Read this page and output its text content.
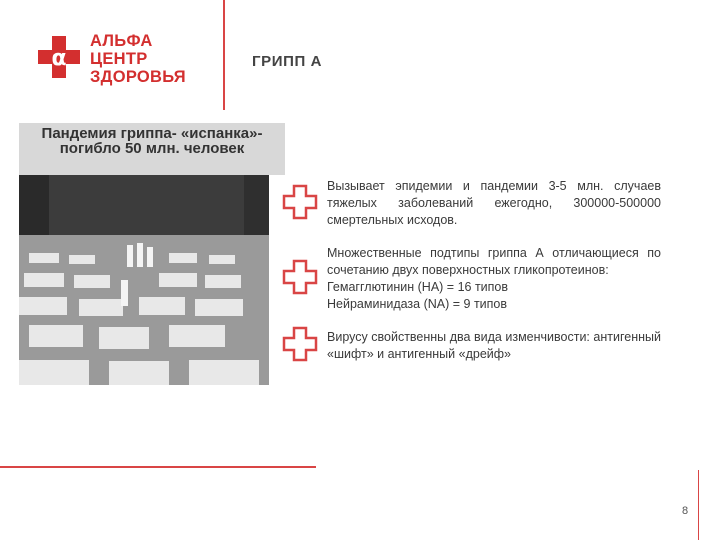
α
АЛЬФА
ЦЕНТР
ЗДОРОВЬЯ
ГРИПП А
Пандемия гриппа- «испанка»-погибло 50 млн. человек
Вызывает эпидемии и пандемии 3-5 млн. случаев тяжелых заболеваний ежегодно, 300000-500000 смертельных исходов.
Множественные подтипы гриппа А отличающиеся по сочетанию двух поверхностных гликопротеинов:
Гемагглютинин (HA) = 16 типов
Нейраминидаза (NA) = 9 типов
Вирусу свойственны два вида изменчивости: антигенный «шифт» и антигенный «дрейф»
8
